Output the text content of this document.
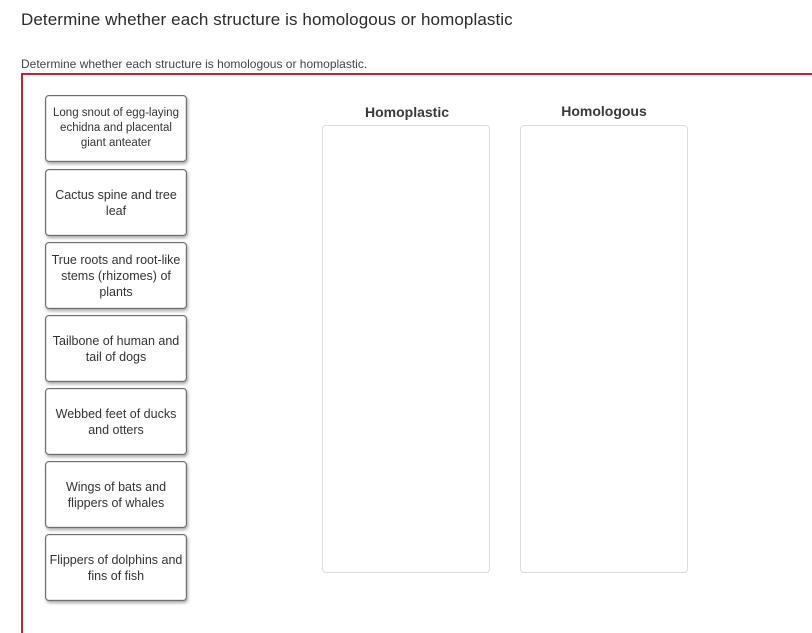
Determine whether each structure is homologous or homoplastic

Determine whether each structure is homologous or homoplastic.

Long snout of egg-laying echidna and placental giant anteater
Cactus spine and tree leaf
True roots and root-like stems (rhizomes) of plants
Tailbone of human and tail of dogs
Webbed feet of ducks and otters
Wings of bats and flippers of whales
Flippers of dolphins and fins of fish
Homoplastic	Homologous
